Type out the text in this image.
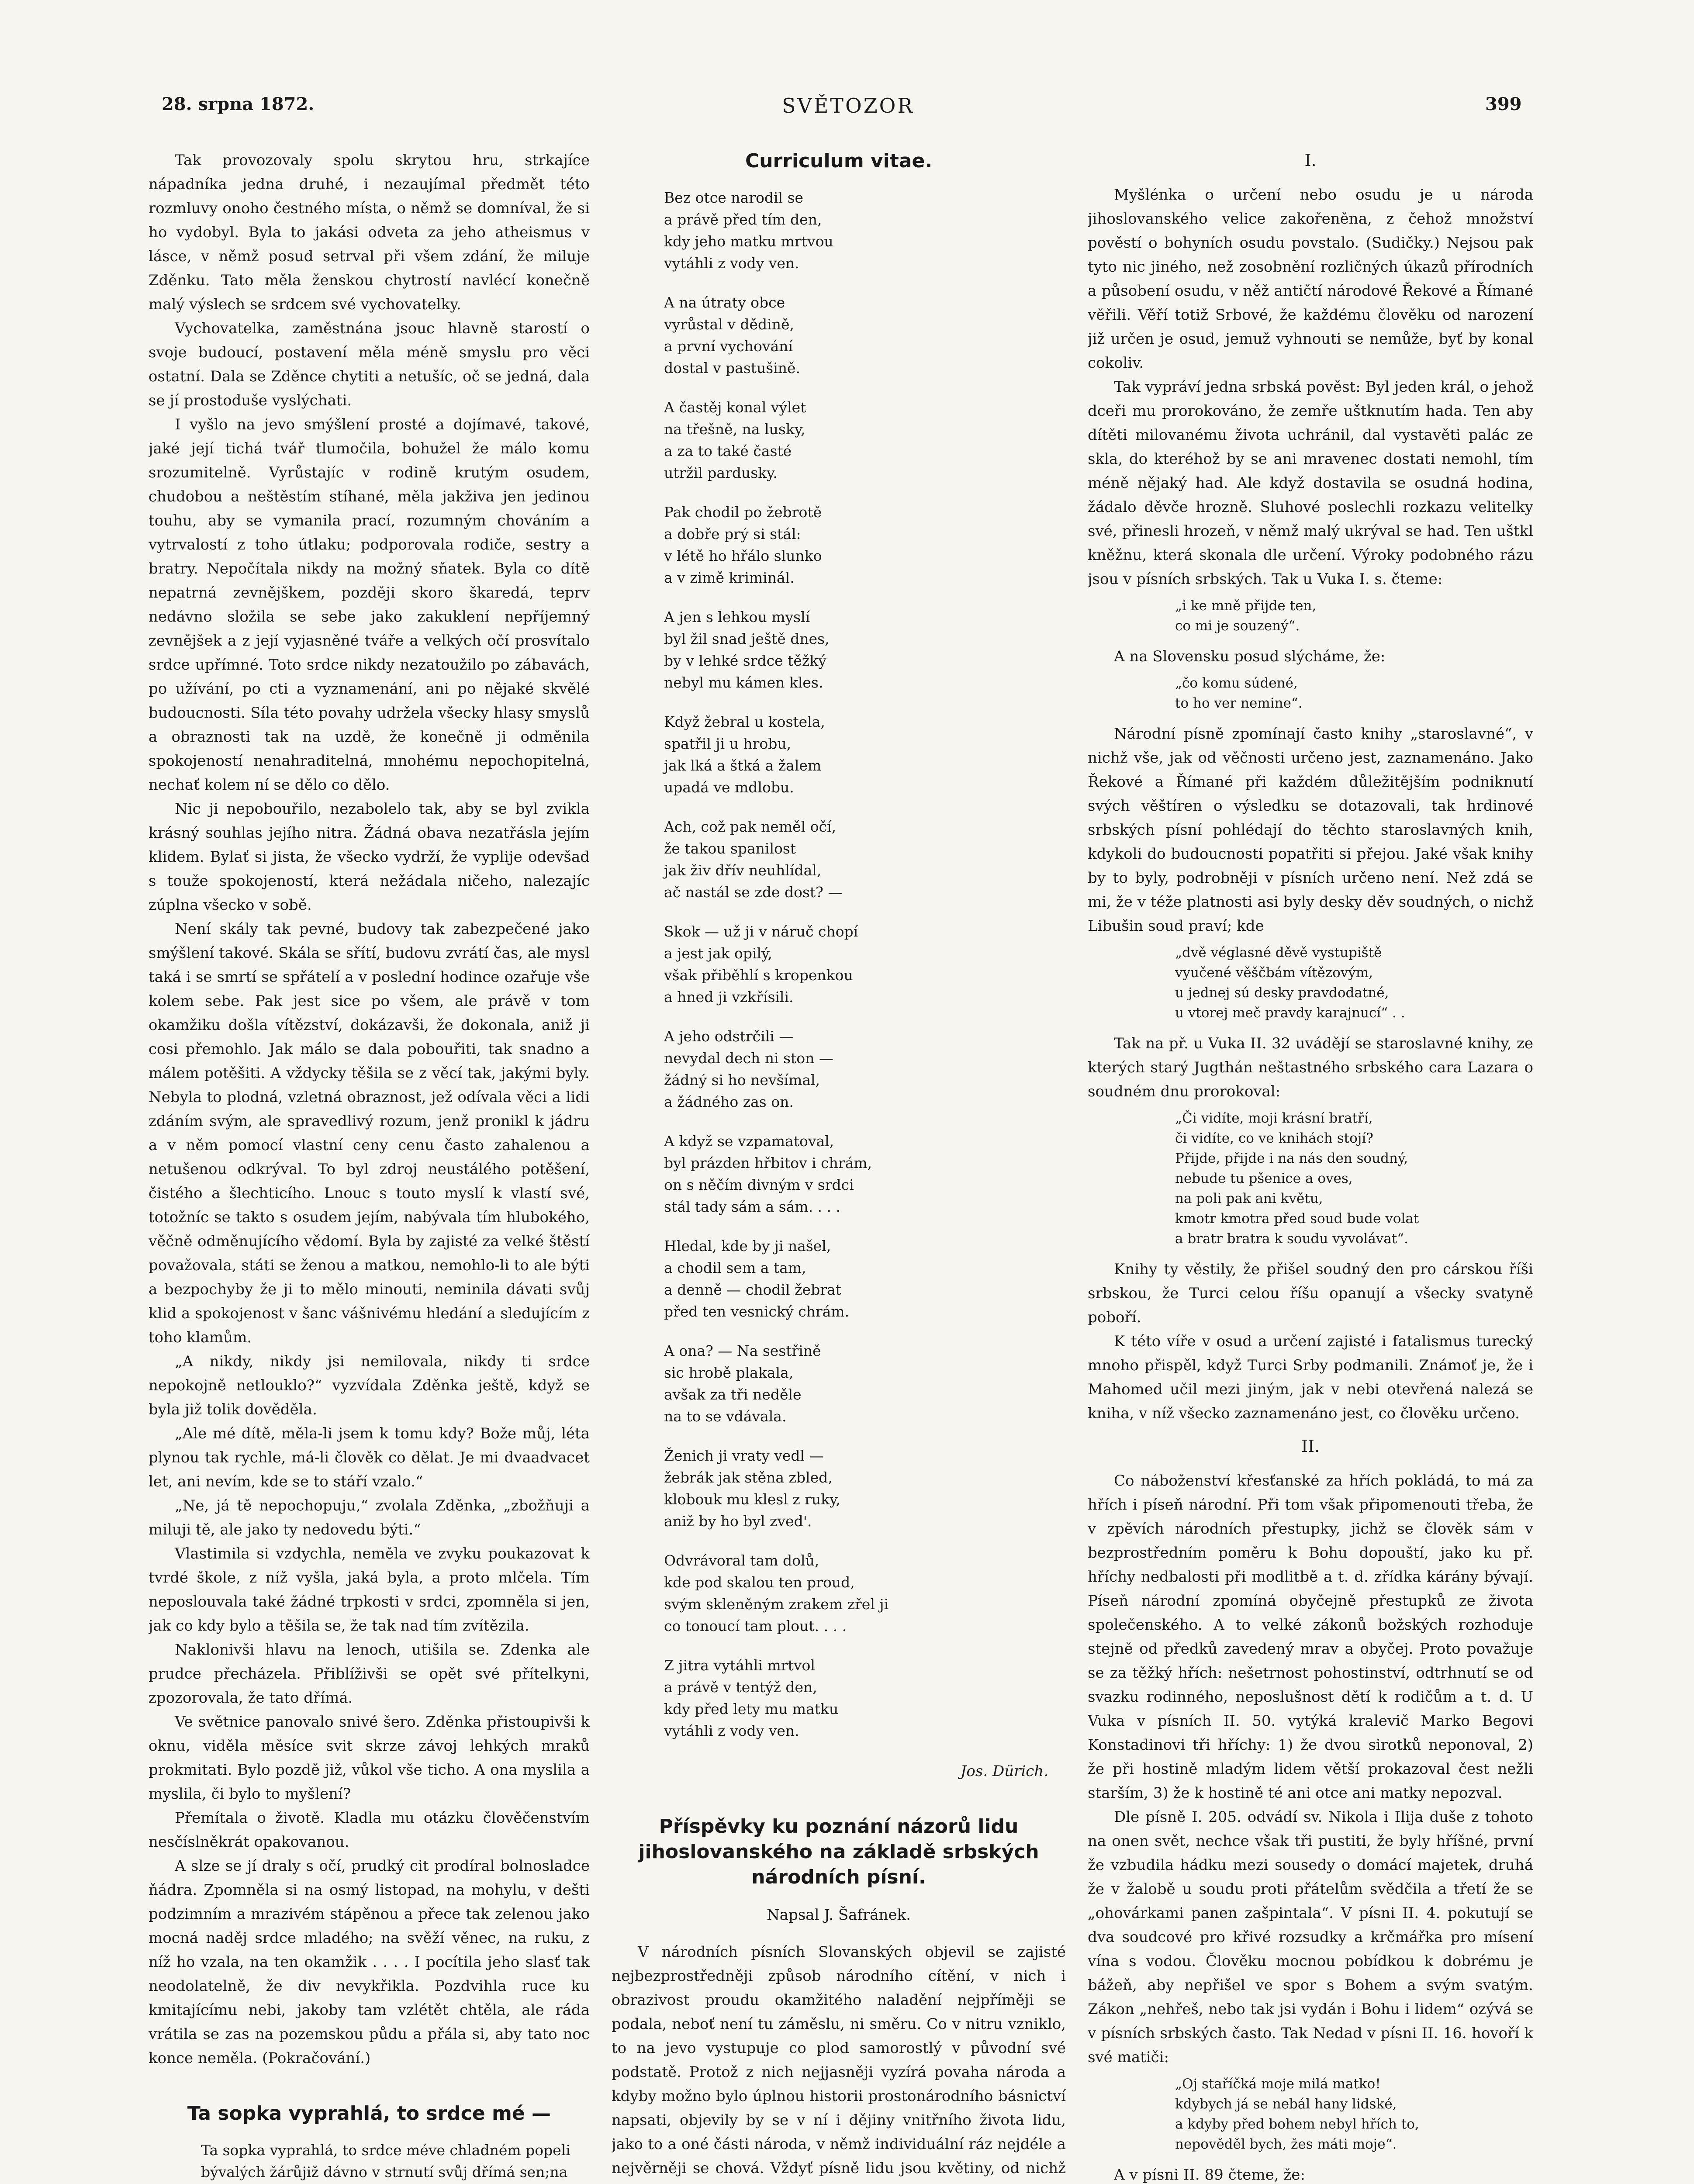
28. srpna 1872.	SVĚTOZOR	399

Tak provozovaly spolu skrytou hru, strkajíce nápadníka jedna druhé, i nezaujímal předmět této rozmluvy onoho čestného místa, o němž se domníval, že si ho vydobyl. Byla to jakási odveta za jeho atheismus v lásce, v němž posud setrval při všem zdání, že miluje Zděnku. Tato měla ženskou chytrostí navlécí konečně malý výslech se srdcem své vychovatelky.

Vychovatelka, zaměstnána jsouc hlavně starostí o svoje budoucí, postavení měla méně smyslu pro věci ostatní. Dala se Zděnce chytiti a netušíc, oč se jedná, dala se jí prostoduše vyslýchati.

I vyšlo na jevo smýšlení prosté a dojímavé, takové, jaké její tichá tvář tlumočila, bohužel že málo komu srozumitelně. Vyrůstajíc v rodině krutým osudem, chudobou a neštěstím stíhané, měla jakživa jen jedinou touhu, aby se vymanila prací, rozumným chováním a vytrvalostí z toho útlaku; podporovala rodiče, sestry a bratry. Nepočítala nikdy na možný sňatek. Byla co dítě nepatrná zevnějškem, později skoro škaredá, teprv nedávno složila se sebe jako zakuklení nepříjemný zevnějšek a z její vyjasněné tváře a velkých očí prosvítalo srdce upřímné. Toto srdce nikdy nezatoužilo po zábavách, po užívání, po cti a vyznamenání, ani po nějaké skvělé budoucnosti. Síla této povahy udržela všecky hlasy smyslů a obraznosti tak na uzdě, že konečně ji odměnila spokojeností nenahraditelná, mnohému nepochopitelná, nechať kolem ní se dělo co dělo.

Nic ji nepobouřilo, nezabolelo tak, aby se byl zvikla krásný souhlas jejího nitra. Žádná obava nezatřásla jejím klidem. Bylať si jista, že všecko vydrží, že vyplije odevšad s touže spokojeností, která nežádala ničeho, nalezajíc zúplna všecko v sobě.

Není skály tak pevné, budovy tak zabezpečené jako smýšlení takové. Skála se sřítí, budovu zvrátí čas, ale mysl taká i se smrtí se spřátelí a v poslední hodince ozařuje vše kolem sebe. Pak jest sice po všem, ale právě v tom okamžiku došla vítězství, dokázavši, že dokonala, aniž ji cosi přemohlo. Jak málo se dala pobouřiti, tak snadno a málem potěšiti. A vždycky těšila se z věcí tak, jakými byly. Nebyla to plodná, vzletná obraznost, jež odívala věci a lidi zdáním svým, ale spravedlivý rozum, jenž pronikl k jádru a v něm pomocí vlastní ceny cenu často zahalenou a netušenou odkrýval. To byl zdroj neustálého potěšení, čistého a šlechticího. Lnouc s touto myslí k vlastí své, totožníc se takto s osudem jejím, nabývala tím hlubokého, věčně odměnujícího vědomí. Byla by zajisté za velké štěstí považovala, státi se ženou a matkou, nemohlo-li to ale býti a bezpochyby že ji to mělo minouti, neminila dávati svůj klid a spokojenost v šanc vášnivému hledání a sledujícím z toho klamům.

„A nikdy, nikdy jsi nemilovala, nikdy ti srdce nepokojně netlouklo?“ vyzvídala Zděnka ještě, když se byla již tolik dověděla.

„Ale mé dítě, měla-li jsem k tomu kdy? Bože můj, léta plynou tak rychle, má-li člověk co dělat. Je mi dvaadvacet let, ani nevím, kde se to stáří vzalo.“

„Ne, já tě nepochopuju,“ zvolala Zděnka, „zbožňuji a miluji tě, ale jako ty nedovedu býti.“

Vlastimila si vzdychla, neměla ve zvyku poukazovat k tvrdé škole, z níž vyšla, jaká byla, a proto mlčela. Tím neposlouvala také žádné trpkosti v srdci, zpomněla si jen, jak co kdy bylo a těšila se, že tak nad tím zvítězila.

Naklonivši hlavu na lenoch, utišila se. Zdenka ale prudce přecházela. Přiblíživši se opět své přítelkyni, zpozorovala, že tato dřímá.

Ve světnice panovalo snivé šero. Zděnka přistoupivši k oknu, viděla měsíce svit skrze závoj lehkých mraků prokmitati. Bylo pozdě již, vůkol vše ticho. A ona myslila a myslila, či bylo to myšlení?

Přemítala o životě. Kladla mu otázku člověčenstvím nesčíslněkrát opakovanou.

A slze se jí draly s očí, prudký cit prodíral bolnosladce ňádra. Zpomněla si na osmý listopad, na mohylu, v dešti podzimním a mrazivém stápěnou a přece tak zelenou jako mocná naděj srdce mladého; na svěží věnec, na ruku, z níž ho vzala, na ten okamžik . . . . I pocítila jeho slasť tak neodolatelně, že div nevykřikla. Pozdvihla ruce ku kmitajícímu nebi, jakoby tam vzlétět chtěla, ale ráda vrátila se zas na pozemskou půdu a přála si, aby tato noc konce neměla. (Pokračování.)

Ta sopka vyprahlá, to srdce mé —
Ta sopka vyprahlá, to srdce méve chladném popeli bývalých žárůjiž dávno v strnutí svůj dřímá sen;na
Curriculum vitae.
Bez otce narodil se
a právě před tím den,
kdy jeho matku mrtvou
vytáhli z vody ven.
A na útraty obce
vyrůstal v dědině,
a první vychování
dostal v pastušině.
A častěj konal výlet
na třešně, na lusky,
a za to také časté
utržil pardusky.
Pak chodil po žebrotě
a dobře prý si stál:
v létě ho hřálo slunko
a v zimě kriminál.
A jen s lehkou myslí
byl žil snad ještě dnes,
by v lehké srdce těžký
nebyl mu kámen kles.
Když žebral u kostela,
spatřil ji u hrobu,
jak lká a štká a žalem
upadá ve mdlobu.
Ach, což pak neměl očí,
že takou spanilost
jak živ dřív neuhlídal,
ač nastál se zde dost? —
Skok — už ji v náruč chopí
a jest jak opilý,
však přiběhlí s kropenkou
a hned ji vzkřísili.
A jeho odstrčili —
nevydal dech ni ston —
žádný si ho nevšímal,
a žádného zas on.
A když se vzpamatoval,
byl prázden hřbitov i chrám,
on s něčím divným v srdci
stál tady sám a sám. . . .
Hledal, kde by ji našel,
a chodil sem a tam,
a denně — chodil žebrat
před ten vesnický chrám.
A ona? — Na sestřině
sic hrobě plakala,
avšak za tři neděle
na to se vdávala.
Ženich ji vraty vedl —
žebrák jak stěna zbled,
klobouk mu klesl z ruky,
aniž by ho byl zved'.
Odvrávoral tam dolů,
kde pod skalou ten proud,
svým skleněným zrakem zřel ji
co tonoucí tam plout. . . .
Z jitra vytáhli mrtvol
a právě v tentýž den,
kdy před lety mu matku
vytáhli z vody ven.
Jos. Dürich.
Příspěvky ku poznání názorů lidu jihoslovanského na základě srbských národních písní.
Napsal J. Šafránek.

V národních písních Slovanských objevil se zajisté nejbezprostředněji způsob národního cítění, v nich i obrazivost proudu okamžitého naladění nejpříměji se podala, neboť není tu záměslu, ni směru. Co v nitru vzniklo, to na jevo vystupuje co plod samorostlý v původní své podstatě. Protož z nich nejjasněji vyzírá povaha národa a kdyby možno bylo úplnou historii prostonárodního básnictví napsati, objevily by se v ní i dějiny vnitřního života lidu, jako to a oné části národa, v němž individuální ráz nejdéle a nejvěrněji se chová. Vždyť písně lidu jsou květiny, od nichž

I.

Myšlénka o určení nebo osudu je u národa jihoslovanského velice zakořeněna, z čehož množství pověstí o bohyních osudu povstalo. (Sudičky.) Nejsou pak tyto nic jiného, než zosobnění rozličných úkazů přírodních a působení osudu, v něž antičtí národové Řekové a Římané věřili. Věří totiž Srbové, že každému člověku od narození již určen je osud, jemuž vyhnouti se nemůže, byť by konal cokoliv.

Tak vypráví jedna srbská pověst: Byl jeden král, o jehož dceři mu prorokováno, že zemře uštknutím hada. Ten aby dítěti milovanému života uchránil, dal vystavěti palác ze skla, do kteréhož by se ani mravenec dostati nemohl, tím méně nějaký had. Ale když dostavila se osudná hodina, žádalo děvče hrozně. Sluhové poslechli rozkazu velitelky své, přinesli hrozeň, v němž malý ukrýval se had. Ten uštkl kněžnu, která skonala dle určení. Výroky podobného rázu jsou v písních srbských. Tak u Vuka I. s. čteme:

„i ke mně přijde ten,
co mi je souzený“.

A na Slovensku posud slýcháme, že:

„čo komu súdené,
to ho ver nemine“.

Národní písně zpomínají často knihy „staroslavné“, v nichž vše, jak od věčnosti určeno jest, zaznamenáno. Jako Řekové a Římané při každém důležitějším podniknutí svých věštíren o výsledku se dotazovali, tak hrdinové srbských písní pohlédají do těchto staroslavných knih, kdykoli do budoucnosti popatřiti si přejou. Jaké však knihy by to byly, podrobněji v písních určeno není. Než zdá se mi, že v téže platnosti asi byly desky děv soudných, o nichž Libušin soud praví; kde

„dvě véglasné děvě vystupiště
vyučené věščbám vítězovým,
u jednej sú desky pravdodatné,
u vtorej meč pravdy karajnucí“ . .

Tak na př. u Vuka II. 32 uvádějí se staroslavné knihy, ze kterých starý Jugthán neštastného srbského cara Lazara o soudném dnu prorokoval:

„Či vidíte, moji krásní bratří,
či vidíte, co ve knihách stojí?
Přijde, přijde i na nás den soudný,
nebude tu pšenice a oves,
na poli pak ani květu,
kmotr kmotra před soud bude volat
a bratr bratra k soudu vyvolávat“.

Knihy ty věstily, že přišel soudný den pro cárskou říši srbskou, že Turci celou říšu opanují a všecky svatyně poboří.

K této víře v osud a určení zajisté i fatalismus turecký mnoho přispěl, když Turci Srby podmanili. Známoť je, že i Mahomed učil mezi jiným, jak v nebi otevřená nalezá se kniha, v níž všecko zaznamenáno jest, co člověku určeno.

II.

Co náboženství křesťanské za hřích pokládá, to má za hřích i píseň národní. Při tom však připomenouti třeba, že v zpěvích národních přestupky, jichž se člověk sám v bezprostředním poměru k Bohu dopouští, jako ku př. hříchy nedbalosti při modlitbě a t. d. zřídka kárány bývají. Píseň národní zpomíná obyčejně přestupků ze života společenského. A to velké zákonů božských rozhoduje stejně od předků zavedený mrav a obyčej. Proto považuje se za těžký hřích: nešetrnost pohostinství, odtrhnutí se od svazku rodinného, neposlušnost dětí k rodičům a t. d. U Vuka v písních II. 50. vytýká kralevič Marko Begovi Konstadinovi tři hříchy: 1) že dvou sirotků neponoval, 2) že při hostině mladým lidem větší prokazoval čest nežli starším, 3) že k hostině té ani otce ani matky nepozval.

Dle písně I. 205. odvádí sv. Nikola i Ilija duše z tohoto na onen svět, nechce však tři pustiti, že byly hříšné, první že vzbudila hádku mezi sousedy o domácí majetek, druhá že v žalobě u soudu proti přátelům svědčila a třetí že se „ohovárkami panen zašpintala“. V písni II. 4. pokutují se dva soudcové pro křivé rozsudky a krčmářka pro mísení vína s vodou. Člověku mocnou pobídkou k dobrému je bážeň, aby nepřišel ve spor s Bohem a svým svatým. Zákon „nehřeš, nebo tak jsi vydán i Bohu i lidem“ ozývá se v písních srbských často. Tak Nedad v písni II. 16. hovoří k své matiči:

„Oj staříčká moje milá matko!
kdybych já se nebál hany lidské,
a kdyby před bohem nebyl hřích to,
nepověděl bych, žes máti moje“.

A v písni II. 89 čteme, že:
